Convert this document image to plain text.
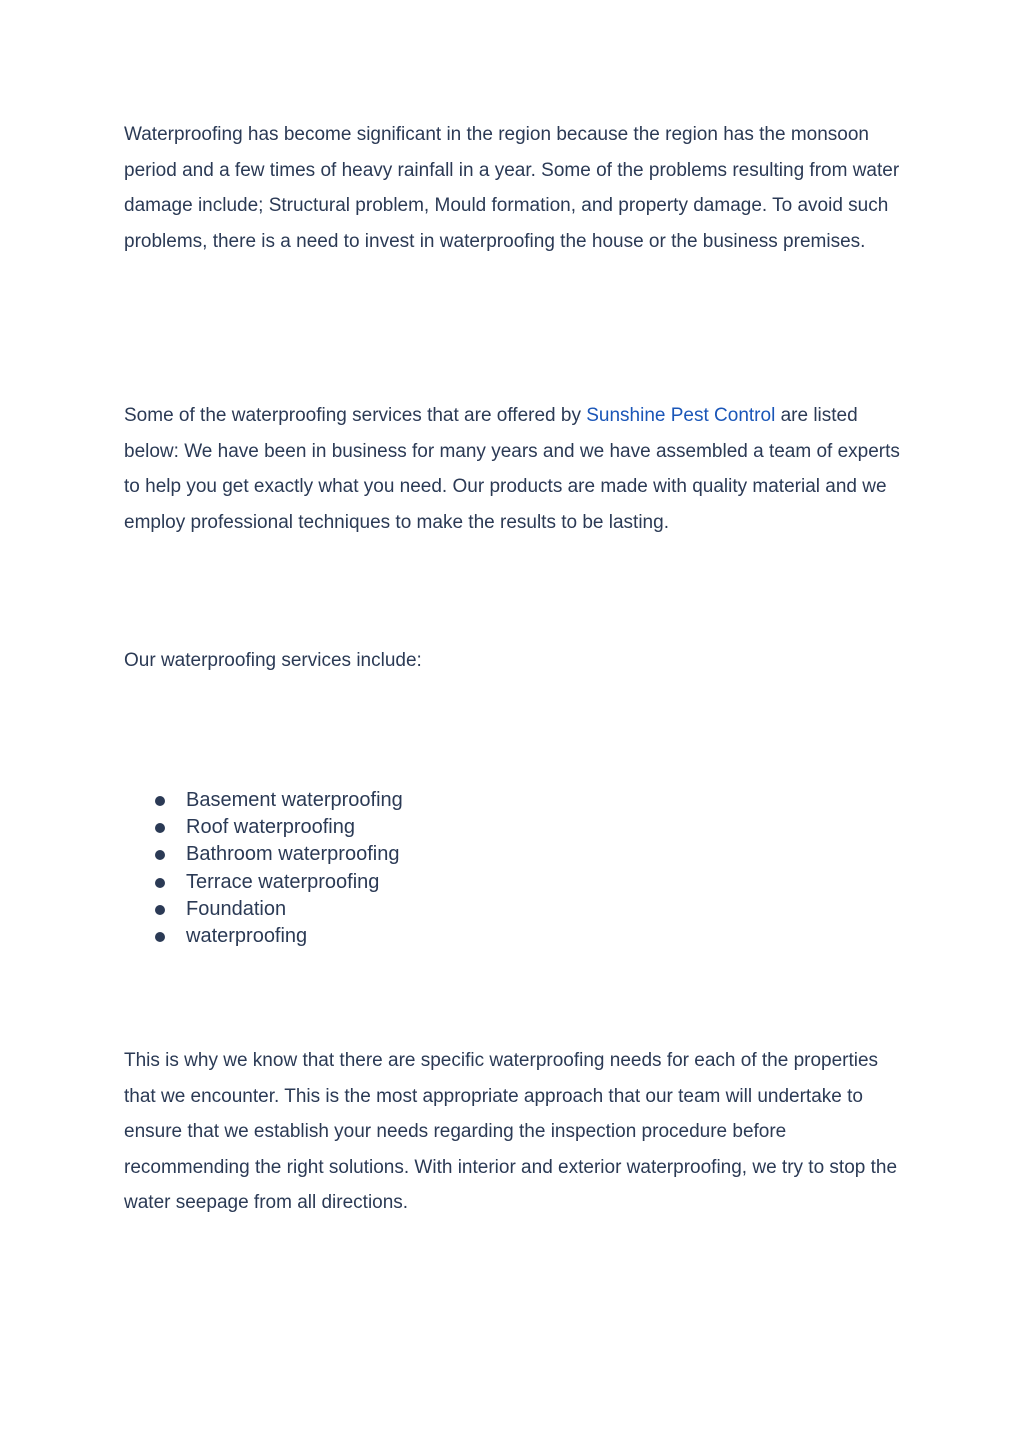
Waterproofing has become significant in the region because the region has the monsoon period and a few times of heavy rainfall in a year. Some of the problems resulting from water damage include; Structural problem, Mould formation, and property damage. To avoid such problems, there is a need to invest in waterproofing the house or the business premises.

Some of the waterproofing services that are offered by Sunshine Pest Control are listed below: We have been in business for many years and we have assembled a team of experts to help you get exactly what you need. Our products are made with quality material and we employ professional techniques to make the results to be lasting.

Our waterproofing services include:

Basement waterproofing
Roof waterproofing
Bathroom waterproofing
Terrace waterproofing
Foundation
waterproofing

This is why we know that there are specific waterproofing needs for each of the properties that we encounter. This is the most appropriate approach that our team will undertake to ensure that we establish your needs regarding the inspection procedure before recommending the right solutions. With interior and exterior waterproofing, we try to stop the water seepage from all directions.
